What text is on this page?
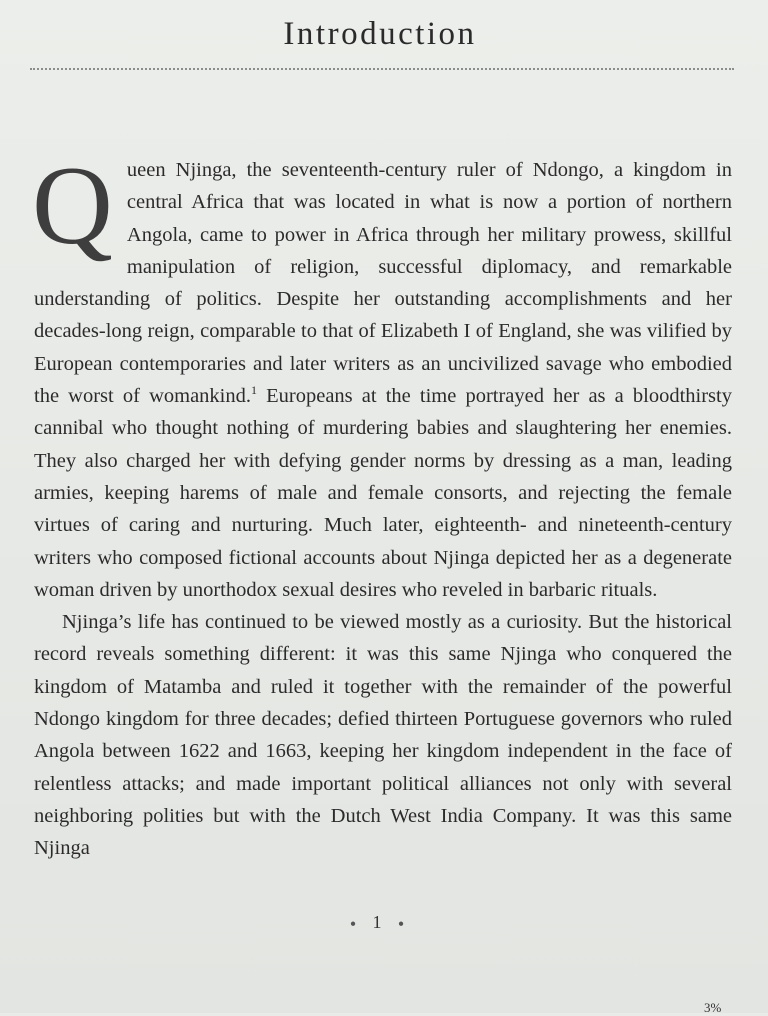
Introduction

Queen Njinga, the seventeenth-century ruler of Ndongo, a kingdom in central Africa that was located in what is now a portion of northern Angola, came to power in Africa through her military prowess, skillful manipulation of religion, successful diplomacy, and remarkable understanding of politics. Despite her outstanding accomplishments and her decades-long reign, comparable to that of Elizabeth I of England, she was vilified by European contemporaries and later writers as an uncivilized savage who embodied the worst of womankind.$^1$ Europeans at the time portrayed her as a bloodthirsty cannibal who thought nothing of murdering babies and slaughtering her enemies. They also charged her with defying gender norms by dressing as a man, leading armies, keeping harems of male and female consorts, and rejecting the female virtues of caring and nurturing. Much later, eighteenth- and nineteenth-century writers who composed fictional accounts about Njinga depicted her as a degenerate woman driven by unorthodox sexual desires who reveled in barbaric rituals.

Njinga’s life has continued to be viewed mostly as a curiosity. But the historical record reveals something different: it was this same Njinga who conquered the kingdom of Matamba and ruled it together with the remainder of the powerful Ndongo kingdom for three decades; defied thirteen Portuguese governors who ruled Angola between 1622 and 1663, keeping her kingdom independent in the face of relentless attacks; and made important political alliances not only with several neighboring polities but with the Dutch West India Company. It was this same Njinga

● 1 ●
3%
